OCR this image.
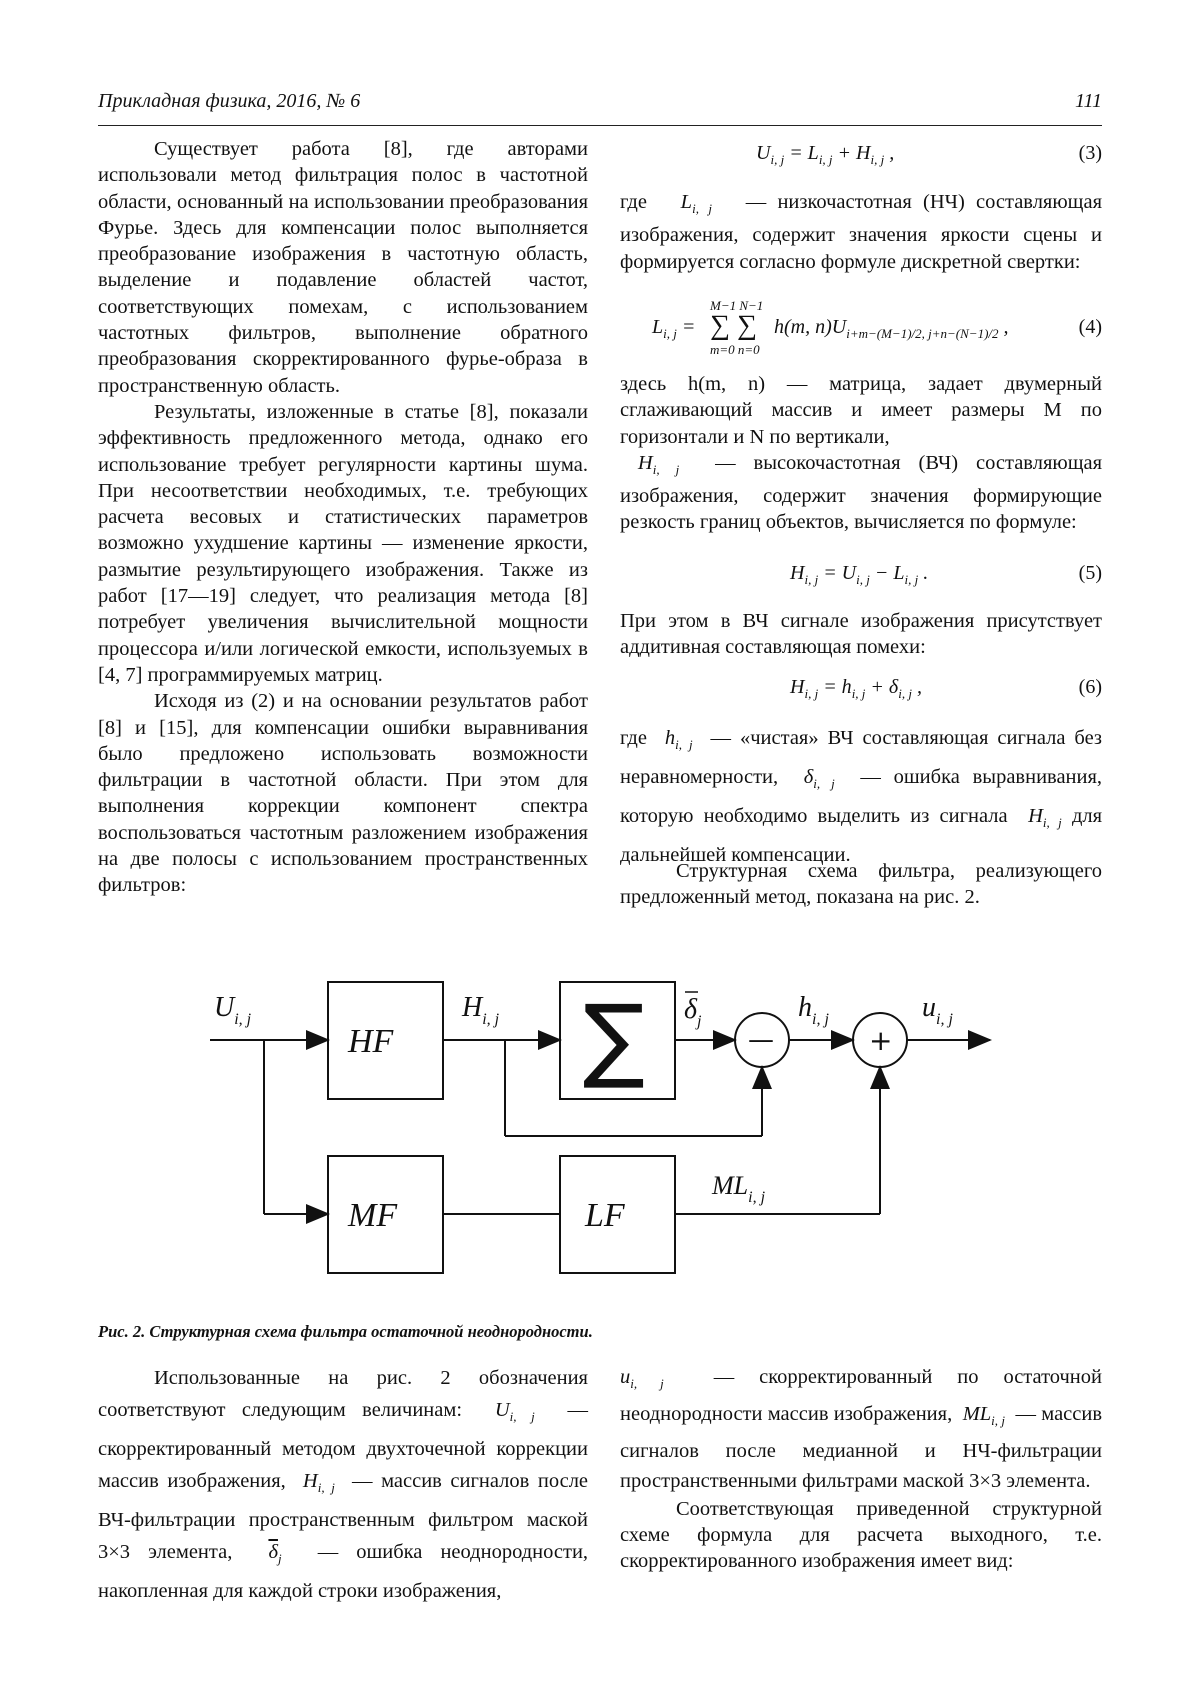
Прикладная физика, 2016, № 6	111

Существует работа [8], где авторами использовали метод фильтрация полос в частотной области, основанный на использовании преобразования Фурье. Здесь для компенсации полос выполняется преобразование изображения в частотную область, выделение и подавление областей частот, соответствующих помехам, с использованием частотных фильтров, выполнение обратного преобразования скорректированного фурье-образа в пространственную область.

Результаты, изложенные в статье [8], показали эффективность предложенного метода, однако его использование требует регулярности картины шума. При несоответствии необходимых, т.е. требующих расчета весовых и статистических параметров возможно ухудшение картины — изменение яркости, размытие результирующего изображения. Также из работ [17—19] следует, что реализация метода [8] потребует увеличения вычислительной мощности процессора и/или логической емкости, используемых в [4, 7] программируемых матриц.

Исходя из (2) и на основании результатов работ [8] и [15], для компенсации ошибки выравнивания было предложено использовать возможности фильтрации в частотной области. При этом для выполнения коррекции компонент спектра воспользоваться частотным разложением изображения на две полосы с использованием пространственных фильтров:

$U_{i, j} = L_{i, j} + H_{i, j}$ ,	(3)

где   $L_{i, j}$ — низкочастотная (НЧ) составляющая изображения, содержит значения яркости сцены и формируется согласно формуле дискретной свертки:

$L_{i, j}$ =
M−1 N−1
∑ ∑
m=0 n=0
h(m, $n)U_{i+m-(M-1)/2, j+n-(N-1)/2}$ ,	(4)

здесь h(m, n) — матрица, задает двумерный сглаживающий массив и имеет размеры M по горизонтали и N по вертикали,

$H_{i, j}$ — высокочастотная (ВЧ) составляющая изображения, содержит значения формирующие резкость границ объектов, вычисляется по формуле:

$H_{i, j} = U_{i, j} - L_{i, j}$ .	(5)

При этом в ВЧ сигнале изображения присутствует аддитивная составляющая помехи:

$H_{i, j} = h_{i, j} + \delta_{i, j}$ ,	(6)

где  $h_{i, j}$ — «чистая» ВЧ составляющая сигнала без неравномерности,  $\delta_{i, j}$ — ошибка выравнивания, которую необходимо выделить из сигнала  $H_{i, j}$ для дальнейшей компенсации.

Структурная схема фильтра, реализующего предложенный метод, показана на рис. 2.

HF
MF	LF
∑	—	+
$U_{i, j}$	$H_{i, j}$	$\delta_j$	$h_{i, j}$	$u_{i, j}$
$ML_{i, j}$
Рис. 2. Структурная схема фильтра остаточной неоднородности.

Использованные на рис. 2 обозначения соответствуют следующим величинам:  $U_{i, j}$ — скорректированный методом двухточечной коррекции массив изображения,  $H_{i, j}$ — массив сигналов после ВЧ-фильтрации пространственным фильтром маской 3×3 элемента, $\overline{\delta}_j$ — ошибка неоднородности, накопленная для каждой строки изображения,

$u_{i, j}$ — скорректированный по остаточной неоднородности массив изображения,  $ML_{i, j}$ — массив сигналов после медианной и НЧ-фильтрации пространственными фильтрами маской 3×3 элемента.

Соответствующая приведенной структурной схеме формула для расчета выходного, т.е. скорректированного изображения имеет вид:
